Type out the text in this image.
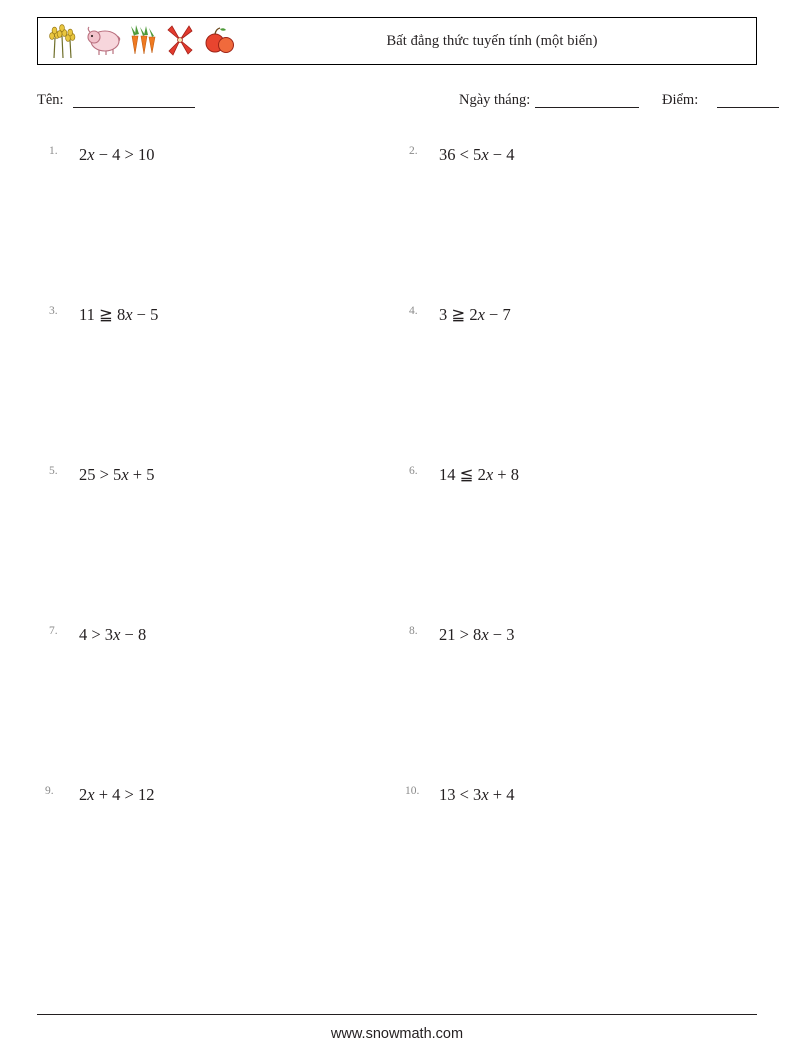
Bất đẳng thức tuyến tính (một biến)
Tên:	Ngày tháng:	Điểm:
1. 2x − 4 > 10	2. 36 < 5x − 4
3. 11 ≧ 8x − 5	4. 3 ≧ 2x − 7
5. 25 > 5x + 5	6. 14 ≦ 2x + 8
7. 4 > 3x − 8	8. 21 > 8x − 3
9. 2x + 4 > 12	10. 13 < 3x + 4
www.snowmath.com
